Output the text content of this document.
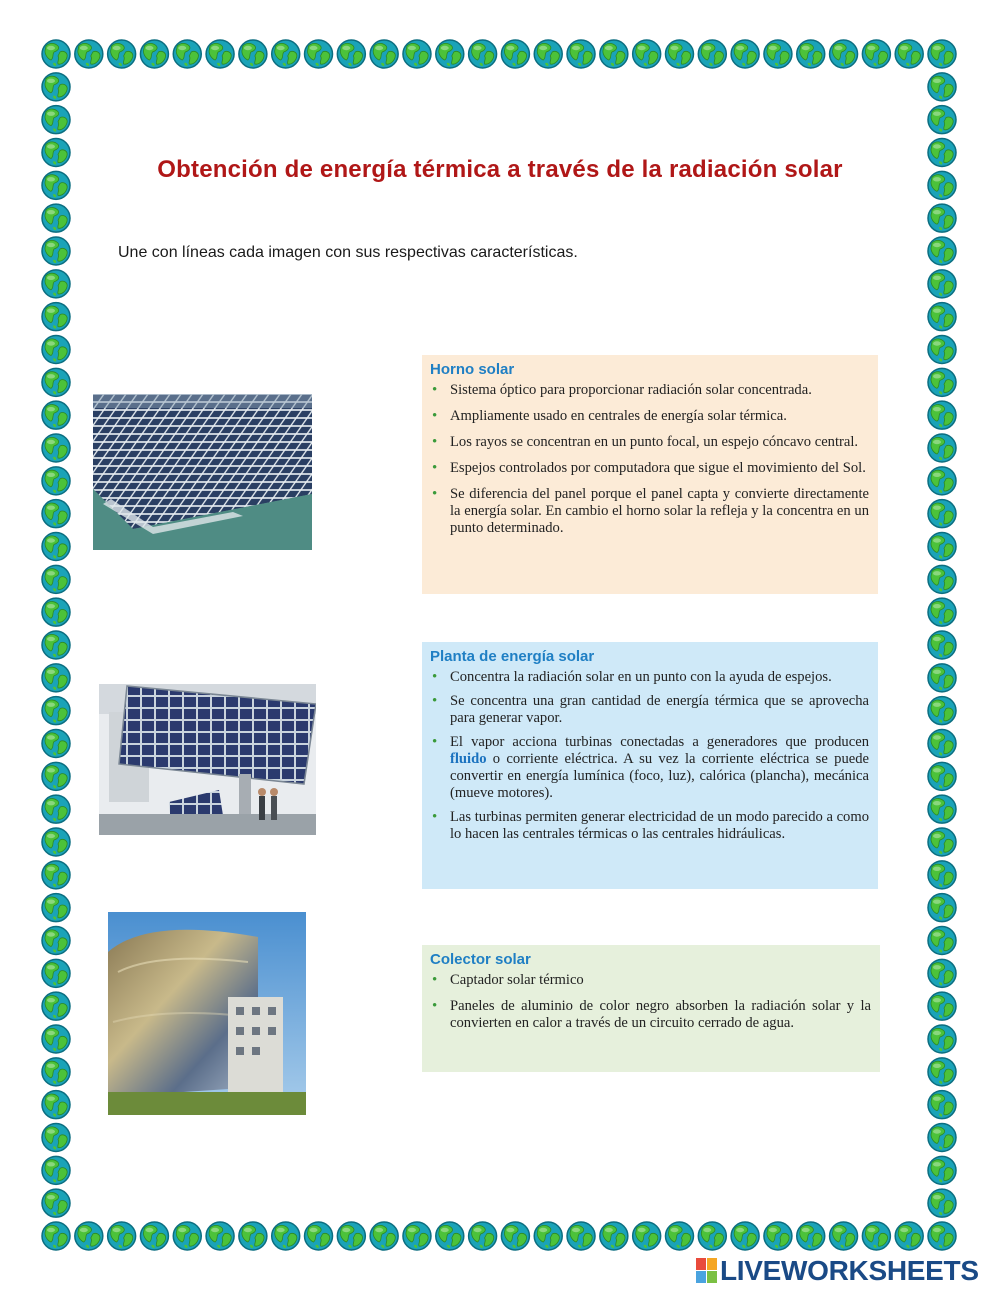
Obtención de energía térmica a través de la radiación solar
Une con líneas cada imagen con sus respectivas características.
Horno solar
• Sistema óptico para proporcionar radiación solar concentrada.
• Ampliamente usado en centrales de energía solar térmica.
• Los rayos se concentran en un punto focal, un espejo cóncavo central.
• Espejos controlados por computadora que sigue el movimiento del Sol.
• Se diferencia del panel porque el panel capta y convierte directamente la energía solar. En cambio el horno solar la refleja y la concentra en un punto determinado.
Planta de energía solar
• Concentra la radiación solar en un punto con la ayuda de espejos.
• Se concentra una gran cantidad de energía térmica que se aprovecha para generar vapor.
• El vapor acciona turbinas conectadas a generadores que producen fluido o corriente eléctrica. A su vez la corriente eléctrica se puede convertir en energía lumínica (foco, luz), calórica (plancha), mecánica (mueve motores).
• Las turbinas permiten generar electricidad de un modo parecido a como lo hacen las centrales térmicas o las centrales hidráulicas.
Colector solar
• Captador solar térmico
• Paneles de aluminio de color negro absorben la radiación solar y la convierten en calor a través de un circuito cerrado de agua.
LIVEWORKSHEETS
